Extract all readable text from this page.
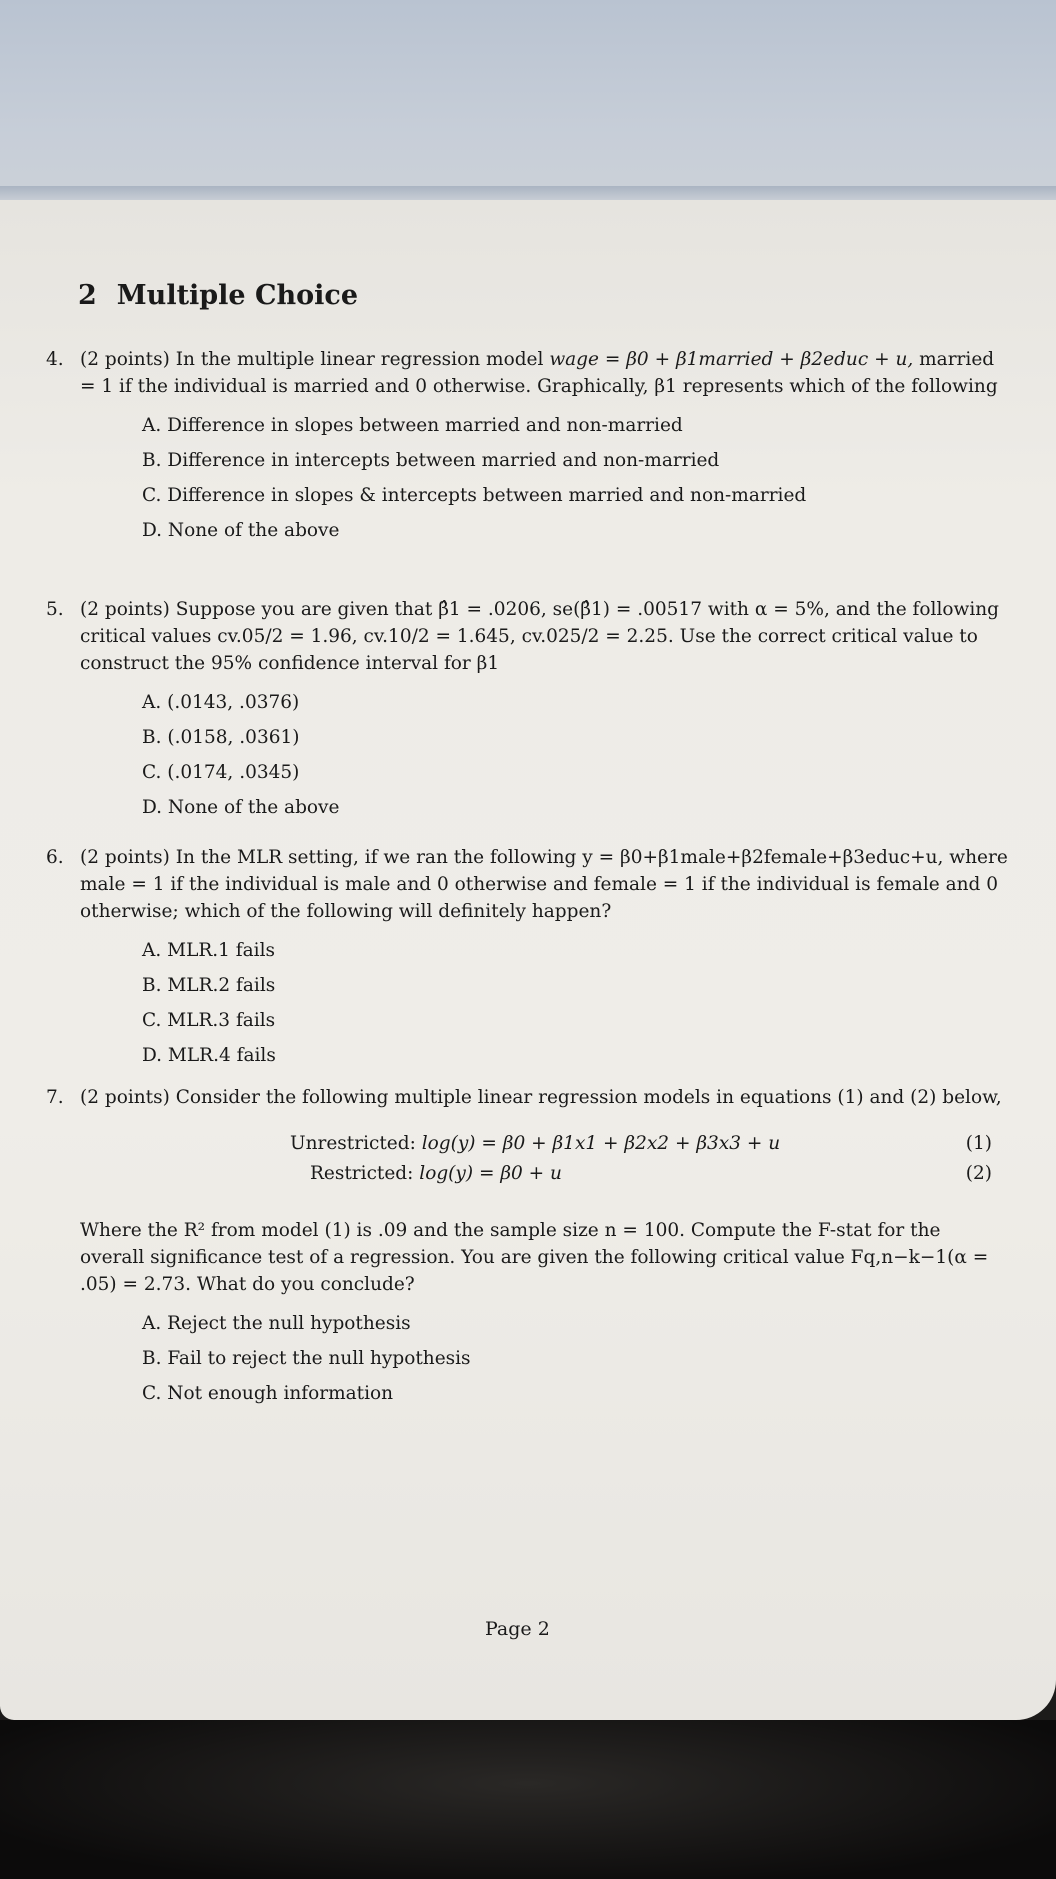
2 Multiple Choice
4. (2 points) In the multiple linear regression model wage = β0 + β1married + β2educ + u, married = 1 if the individual is married and 0 otherwise. Graphically, β1 represents which of the following
A. Difference in slopes between married and non-married
B. Difference in intercepts between married and non-married
C. Difference in slopes & intercepts between married and non-married
D. None of the above
5. (2 points) Suppose you are given that β̂1 = .0206, se(β̂1) = .00517 with α = 5%, and the following critical values cv.05/2 = 1.96, cv.10/2 = 1.645, cv.025/2 = 2.25. Use the correct critical value to construct the 95% confidence interval for β1
A. (.0143, .0376)
B. (.0158, .0361)
C. (.0174, .0345)
D. None of the above
6. (2 points) In the MLR setting, if we ran the following y = β0+β1male+β2female+β3educ+u, where male = 1 if the individual is male and 0 otherwise and female = 1 if the individual is female and 0 otherwise; which of the following will definitely happen?
A. MLR.1 fails
B. MLR.2 fails
C. MLR.3 fails
D. MLR.4 fails
7. (2 points) Consider the following multiple linear regression models in equations (1) and (2) below,
Unrestricted: log(y) = β0 + β1x1 + β2x2 + β3x3 + u	(1)
Restricted: log(y) = β0 + u	(2)
Where the R² from model (1) is .09 and the sample size n = 100. Compute the F-stat for the overall significance test of a regression. You are given the following critical value Fq,n−k−1(α = .05) = 2.73. What do you conclude?
A. Reject the null hypothesis
B. Fail to reject the null hypothesis
C. Not enough information
Page 2
